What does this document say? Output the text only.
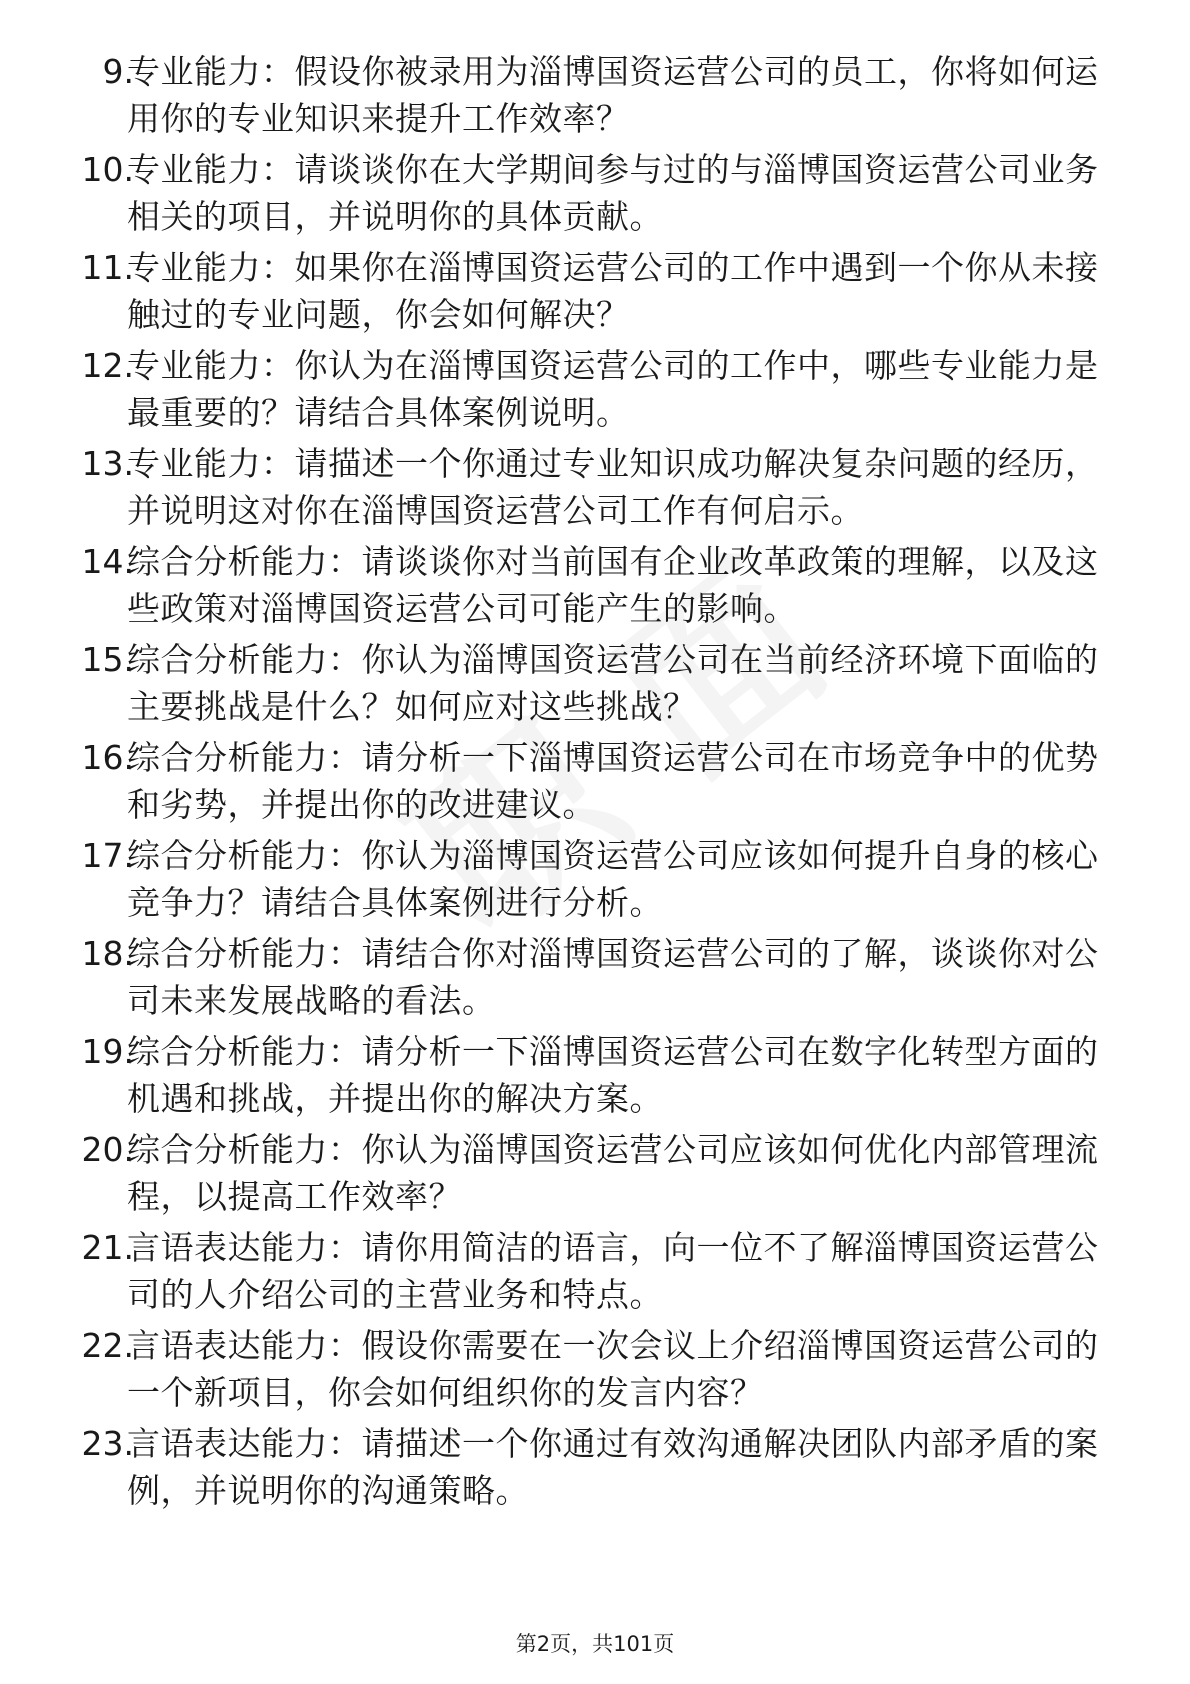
9.
专业能力：假设你被录用为淄博国资运营公司的员工，你将如何运用你的专业知识来提升工作效率？
10.
专业能力：请谈谈你在大学期间参与过的与淄博国资运营公司业务相关的项目，并说明你的具体贡献。
11.
专业能力：如果你在淄博国资运营公司的工作中遇到一个你从未接触过的专业问题，你会如何解决？
12.
专业能力：你认为在淄博国资运营公司的工作中，哪些专业能力是最重要的？请结合具体案例说明。
13.
专业能力：请描述一个你通过专业知识成功解决复杂问题的经历，并说明这对你在淄博国资运营公司工作有何启示。
14.
综合分析能力：请谈谈你对当前国有企业改革政策的理解，以及这些政策对淄博国资运营公司可能产生的影响。
15.
综合分析能力：你认为淄博国资运营公司在当前经济环境下面临的主要挑战是什么？如何应对这些挑战？
16.
综合分析能力：请分析一下淄博国资运营公司在市场竞争中的优势和劣势，并提出你的改进建议。
17.
综合分析能力：你认为淄博国资运营公司应该如何提升自身的核心竞争力？请结合具体案例进行分析。
18.
综合分析能力：请结合你对淄博国资运营公司的了解，谈谈你对公司未来发展战略的看法。
19.
综合分析能力：请分析一下淄博国资运营公司在数字化转型方面的机遇和挑战，并提出你的解决方案。
20.
综合分析能力：你认为淄博国资运营公司应该如何优化内部管理流程，以提高工作效率？
21.
言语表达能力：请你用简洁的语言，向一位不了解淄博国资运营公司的人介绍公司的主营业务和特点。
22.
言语表达能力：假设你需要在一次会议上介绍淄博国资运营公司的一个新项目，你会如何组织你的发言内容？
23.
言语表达能力：请描述一个你通过有效沟通解决团队内部矛盾的案例，并说明你的沟通策略。
第2页，共101页
